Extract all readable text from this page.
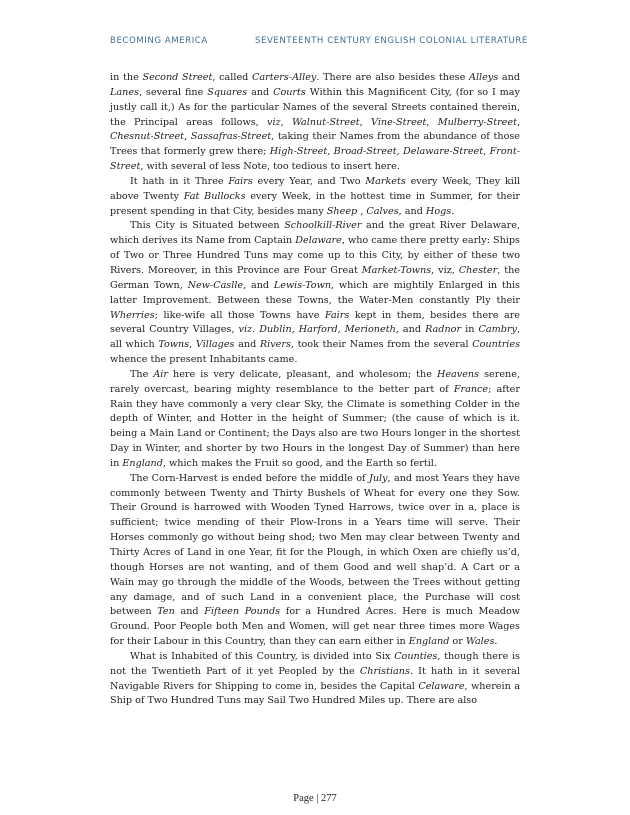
BECOMING AMERICA	SEVENTEENTH CENTURY ENGLISH COLONIAL LITERATURE

in the Second Street, called Carters-Alley. There are also besides these Alleys and Lanes, several fine Squares and Courts Within this Magnificent City, (for so I may justly call it,) As for the particular Names of the several Streets contained therein, the Principal areas follows, viz, Walnut-Street, Vine-Street, Mulberry-Street, Chesnut-Street, Sassafras-Street, taking their Names from the abundance of those Trees that formerly grew there; High-Street, Broad-Street, Delaware-Street, Front-Street, with several of less Note, too tedious to insert here.

It hath in it Three Fairs every Year, and Two Markets every Week, They kill above Twenty Fat Bullocks every Week, in the hottest time in Summer, for their present spending in that City, besides many Sheep , Calves, and Hogs.

This City is Situated between Schoolkill-River and the great River Delaware, which derives its Name from Captain Delaware, who came there pretty early: Ships of Two or Three Hundred Tuns may come up to this City, by either of these two Rivers. Moreover, in this Province are Four Great Market-Towns, viz, Chester, the German Town, New-Caslle, and Lewis-Town, which are mightily Enlarged in this latter Improvement. Between these Towns, the Water-Men constantly Ply their Wherries; like-wife all those Towns have Fairs kept in them, besides there are several Country Villages, viz. Dublin, Harford, Merioneth, and Radnor in Cambry, all which Towns, Villages and Rivers, took their Names from the several Countries whence the present Inhabitants came.

The Air here is very delicate, pleasant, and wholesom; the Heavens serene, rarely overcast, bearing mighty resemblance to the better part of France; after Rain they have commonly a very clear Sky, the Climate is something Colder in the depth of Winter, and Hotter in the height of Summer; (the cause of which is it. being a Main Land or Continent; the Days also are two Hours longer in the shortest Day in Winter, and shorter by two Hours in the longest Day of Summer) than here in England, which makes the Fruit so good, and the Earth so fertil.

The Corn-Harvest is ended before the middle of July, and most Years they have commonly between Twenty and Thirty Bushels of Wheat for every one they Sow. Their Ground is harrowed with Wooden Tyned Harrows, twice over in a, place is sufficient; twice mending of their Plow-Irons in a Years time will serve. Their Horses commonly go without being shod; two Men may clear between Twenty and Thirty Acres of Land in one Year, fit for the Plough, in which Oxen are chiefly us’d, though Horses are not wanting, and of them Good and well shap’d. A Cart or a Wain may go through the middle of the Woods, between the Trees without getting any damage, and of such Land in a convenient place, the Purchase will cost between Ten and Fifteen Pounds for a Hundred Acres. Here is much Meadow Ground. Poor People both Men and Women, will get near three times more Wages for their Labour in this Country, than they can earn either in England or Wales.

What is Inhabited of this Country, is divided into Six Counties, though there is not the Twentieth Part of it yet Peopled by the Christians. It hath in it several Navigable Rivers for Shipping to come in, besides the Capital Celaware, wherein a Ship of Two Hundred Tuns may Sail Two Hundred Miles up. There are also

Page | 277
